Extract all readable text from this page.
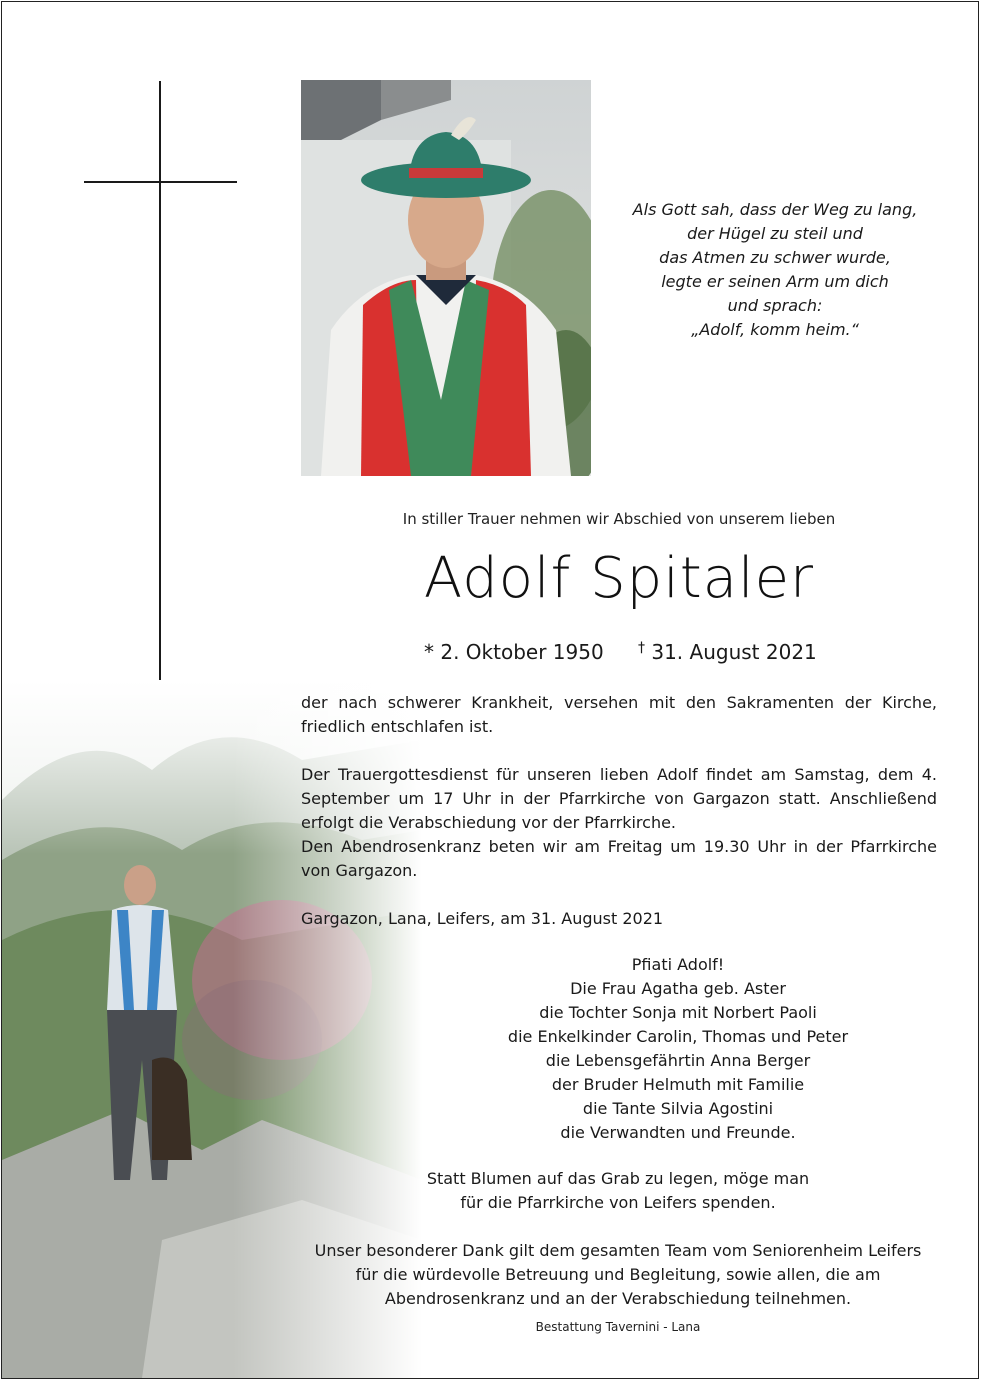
Als Gott sah, dass der Weg zu lang,
der Hügel zu steil und
das Atmen zu schwer wurde,
legte er seinen Arm um dich
und sprach:
„Adolf, komm heim.“
In stiller Trauer nehmen wir Abschied von unserem lieben
Adolf Spitaler
* 2. Oktober 1950 † 31. August 2021
der nach schwerer Krankheit, versehen mit den Sakramenten der Kirche, friedlich entschlafen ist.
Der Trauergottesdienst für unseren lieben Adolf findet am Samstag, dem 4. September um 17 Uhr in der Pfarrkirche von Gargazon statt. Anschließend erfolgt die Verabschiedung vor der Pfarrkirche.
Den Abendrosenkranz beten wir am Freitag um 19.30 Uhr in der Pfarrkirche von Gargazon.
Gargazon, Lana, Leifers, am 31. August 2021
Pfiati Adolf!
Die Frau Agatha geb. Aster
die Tochter Sonja mit Norbert Paoli
die Enkelkinder Carolin, Thomas und Peter
die Lebensgefährtin Anna Berger
der Bruder Helmuth mit Familie
die Tante Silvia Agostini
die Verwandten und Freunde.
Statt Blumen auf das Grab zu legen, möge man
für die Pfarrkirche von Leifers spenden.
Unser besonderer Dank gilt dem gesamten Team vom Seniorenheim Leifers
für die würdevolle Betreuung und Begleitung, sowie allen, die am
Abendrosenkranz und an der Verabschiedung teilnehmen.
Bestattung Tavernini - Lana
